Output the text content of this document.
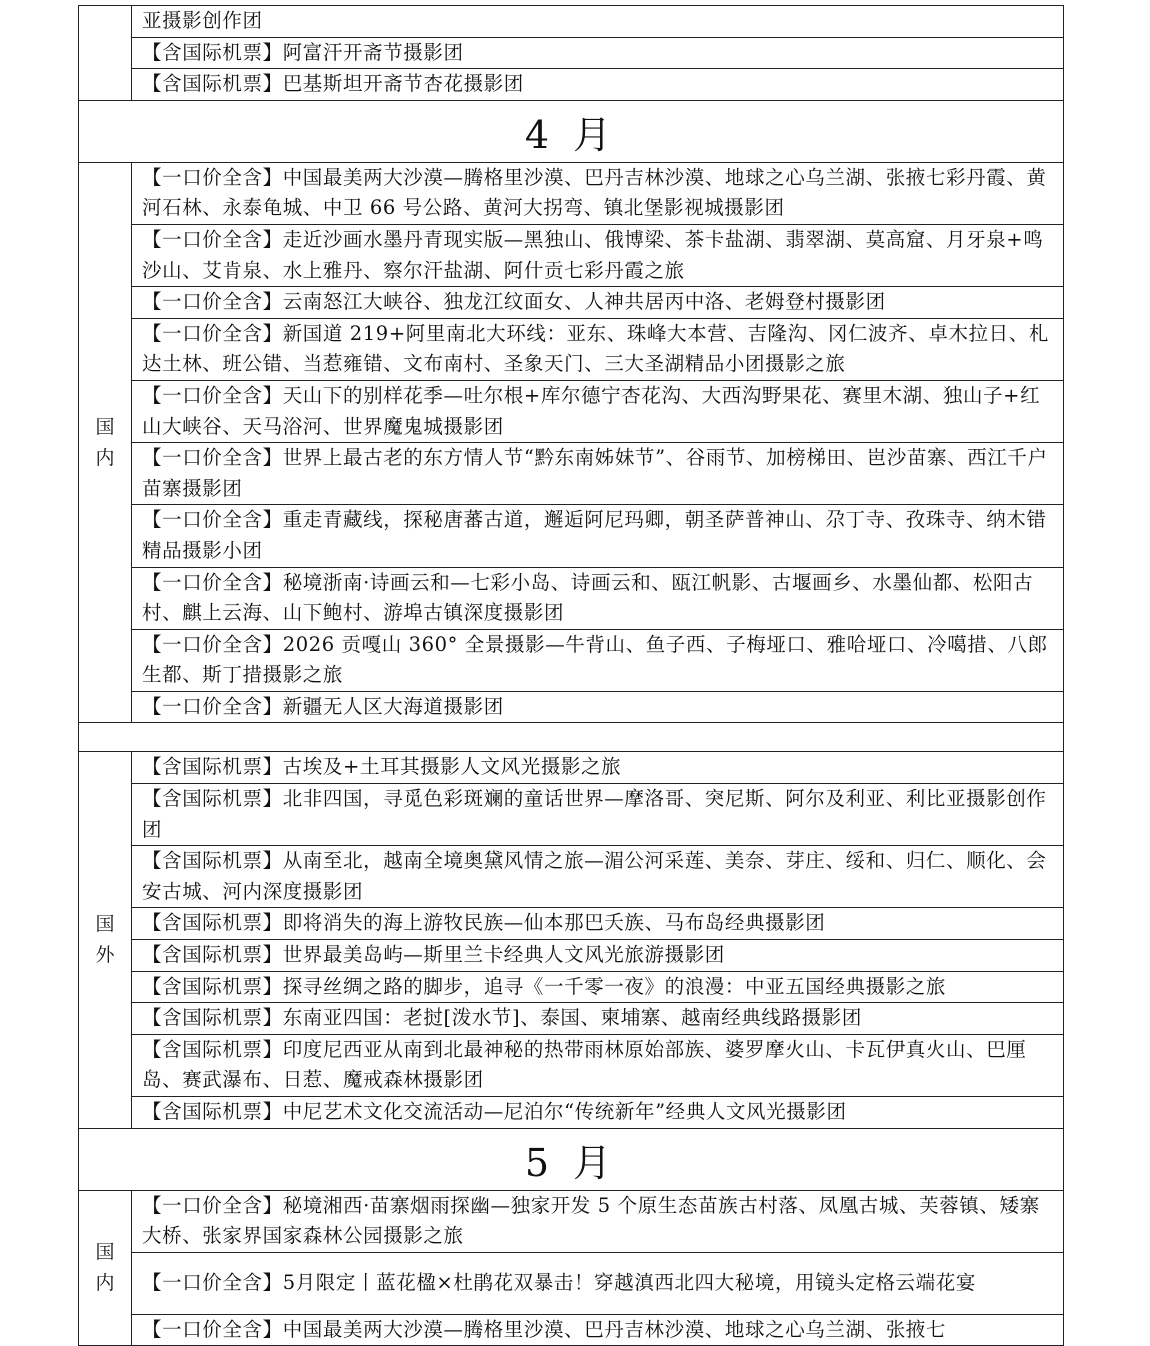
	亚摄影创作团
	【含国际机票】阿富汗开斋节摄影团
	【含国际机票】巴基斯坦开斋节杏花摄影团
4 月	
国内	【一口价全含】中国最美两大沙漠—腾格里沙漠、巴丹吉林沙漠、地球之心乌兰湖、张掖七彩丹霞、黄河石林、永泰龟城、中卫 66 号公路、黄河大拐弯、镇北堡影视城摄影团
	【一口价全含】走近沙画水墨丹青现实版—黑独山、俄博梁、茶卡盐湖、翡翠湖、莫高窟、月牙泉+鸣沙山、艾肯泉、水上雅丹、察尔汗盐湖、阿什贡七彩丹霞之旅
	【一口价全含】云南怒江大峡谷、独龙江纹面女、人神共居丙中洛、老姆登村摄影团
	【一口价全含】新国道 219+阿里南北大环线：亚东、珠峰大本营、吉隆沟、冈仁波齐、卓木拉日、札达土林、班公错、当惹雍错、文布南村、圣象天门、三大圣湖精品小团摄影之旅
	【一口价全含】天山下的别样花季—吐尔根+库尔德宁杏花沟、大西沟野果花、赛里木湖、独山子+红山大峡谷、天马浴河、世界魔鬼城摄影团
	【一口价全含】世界上最古老的东方情人节“黔东南姊妹节”、谷雨节、加榜梯田、岜沙苗寨、西江千户苗寨摄影团
	【一口价全含】重走青藏线，探秘唐蕃古道，邂逅阿尼玛卿，朝圣萨普神山、尕丁寺、孜珠寺、纳木错精品摄影小团
	【一口价全含】秘境浙南·诗画云和—七彩小岛、诗画云和、瓯江帆影、古堰画乡、水墨仙都、松阳古村、麒上云海、山下鲍村、游埠古镇深度摄影团
	【一口价全含】2026 贡嘎山 360° 全景摄影—牛背山、鱼子西、子梅垭口、雅哈垭口、冷噶措、八郎生都、斯丁措摄影之旅
	【一口价全含】新疆无人区大海道摄影团

国外	【含国际机票】古埃及+土耳其摄影人文风光摄影之旅
	【含国际机票】北非四国，寻觅色彩斑斓的童话世界—摩洛哥、突尼斯、阿尔及利亚、利比亚摄影创作团
	【含国际机票】从南至北，越南全境奥黛风情之旅—湄公河采莲、美奈、芽庄、绥和、归仁、顺化、会安古城、河内深度摄影团
	【含国际机票】即将消失的海上游牧民族—仙本那巴夭族、马布岛经典摄影团
	【含国际机票】世界最美岛屿—斯里兰卡经典人文风光旅游摄影团
	【含国际机票】探寻丝绸之路的脚步，追寻《一千零一夜》的浪漫：中亚五国经典摄影之旅
	【含国际机票】东南亚四国：老挝[泼水节]、泰国、柬埔寨、越南经典线路摄影团
	【含国际机票】印度尼西亚从南到北最神秘的热带雨林原始部族、婆罗摩火山、卡瓦伊真火山、巴厘岛、赛武瀑布、日惹、魔戒森林摄影团
	【含国际机票】中尼艺术文化交流活动—尼泊尔“传统新年”经典人文风光摄影团
5 月	
国内	【一口价全含】秘境湘西·苗寨烟雨探幽—独家开发 5 个原生态苗族古村落、凤凰古城、芙蓉镇、矮寨大桥、张家界国家森林公园摄影之旅
	【一口价全含】5月限定丨蓝花楹×杜鹃花双暴击！穿越滇西北四大秘境，用镜头定格云端花宴
	【一口价全含】中国最美两大沙漠—腾格里沙漠、巴丹吉林沙漠、地球之心乌兰湖、张掖七
